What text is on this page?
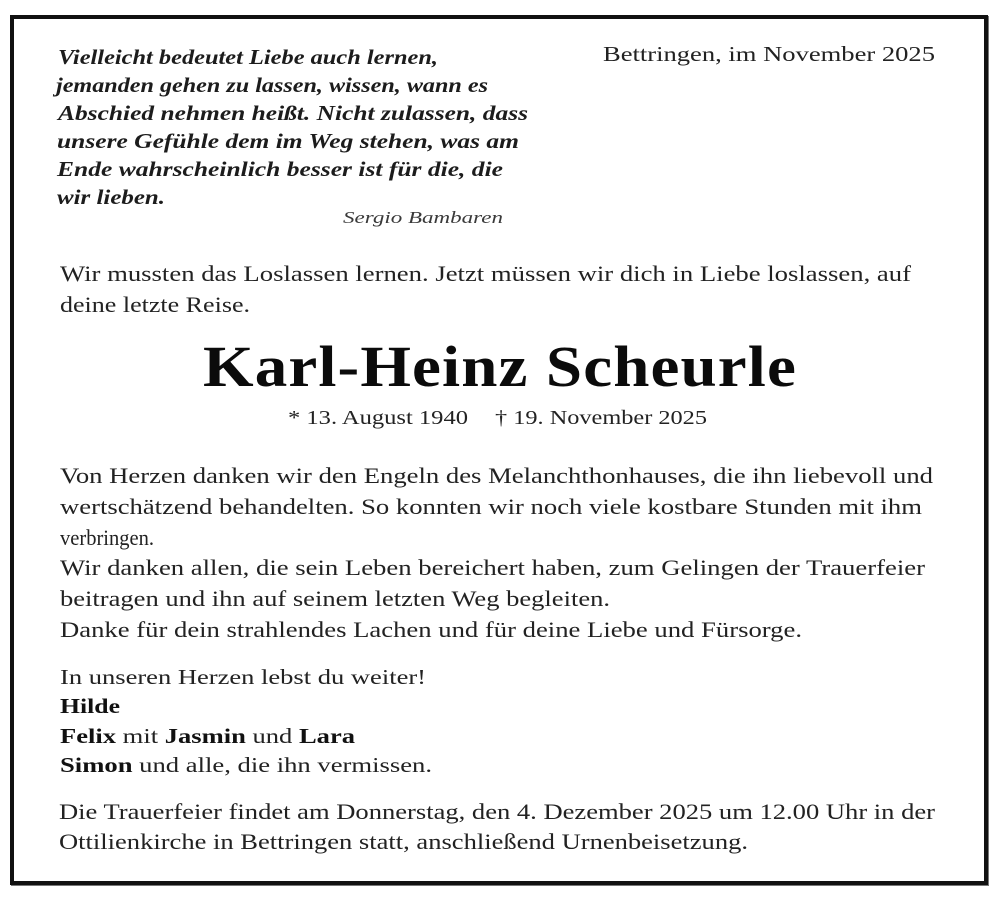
Vielleicht bedeutet Liebe auch lernen,
jemanden gehen zu lassen, wissen, wann es
Abschied nehmen heißt. Nicht zulassen, dass
unsere Gefühle dem im Weg stehen, was am
Ende wahrscheinlich besser ist für die, die
wir lieben.
Sergio Bambaren
Bettringen, im November 2025
Wir mussten das Loslassen lernen. Jetzt müssen wir dich in Liebe loslassen, auf
deine letzte Reise.
Karl-Heinz Scheurle
* 13. August 1940 † 19. November 2025
Von Herzen danken wir den Engeln des Melanchthonhauses, die ihn liebevoll und
wertschätzend behandelten. So konnten wir noch viele kostbare Stunden mit ihm
verbringen.
Wir danken allen, die sein Leben bereichert haben, zum Gelingen der Trauerfeier
beitragen und ihn auf seinem letzten Weg begleiten.
Danke für dein strahlendes Lachen und für deine Liebe und Fürsorge.
In unseren Herzen lebst du weiter!
Hilde
Felix mit Jasmin und Lara
Simon und alle, die ihn vermissen.
Die Trauerfeier findet am Donnerstag, den 4. Dezember 2025 um 12.00 Uhr in der
Ottilienkirche in Bettringen statt, anschließend Urnenbeisetzung.
